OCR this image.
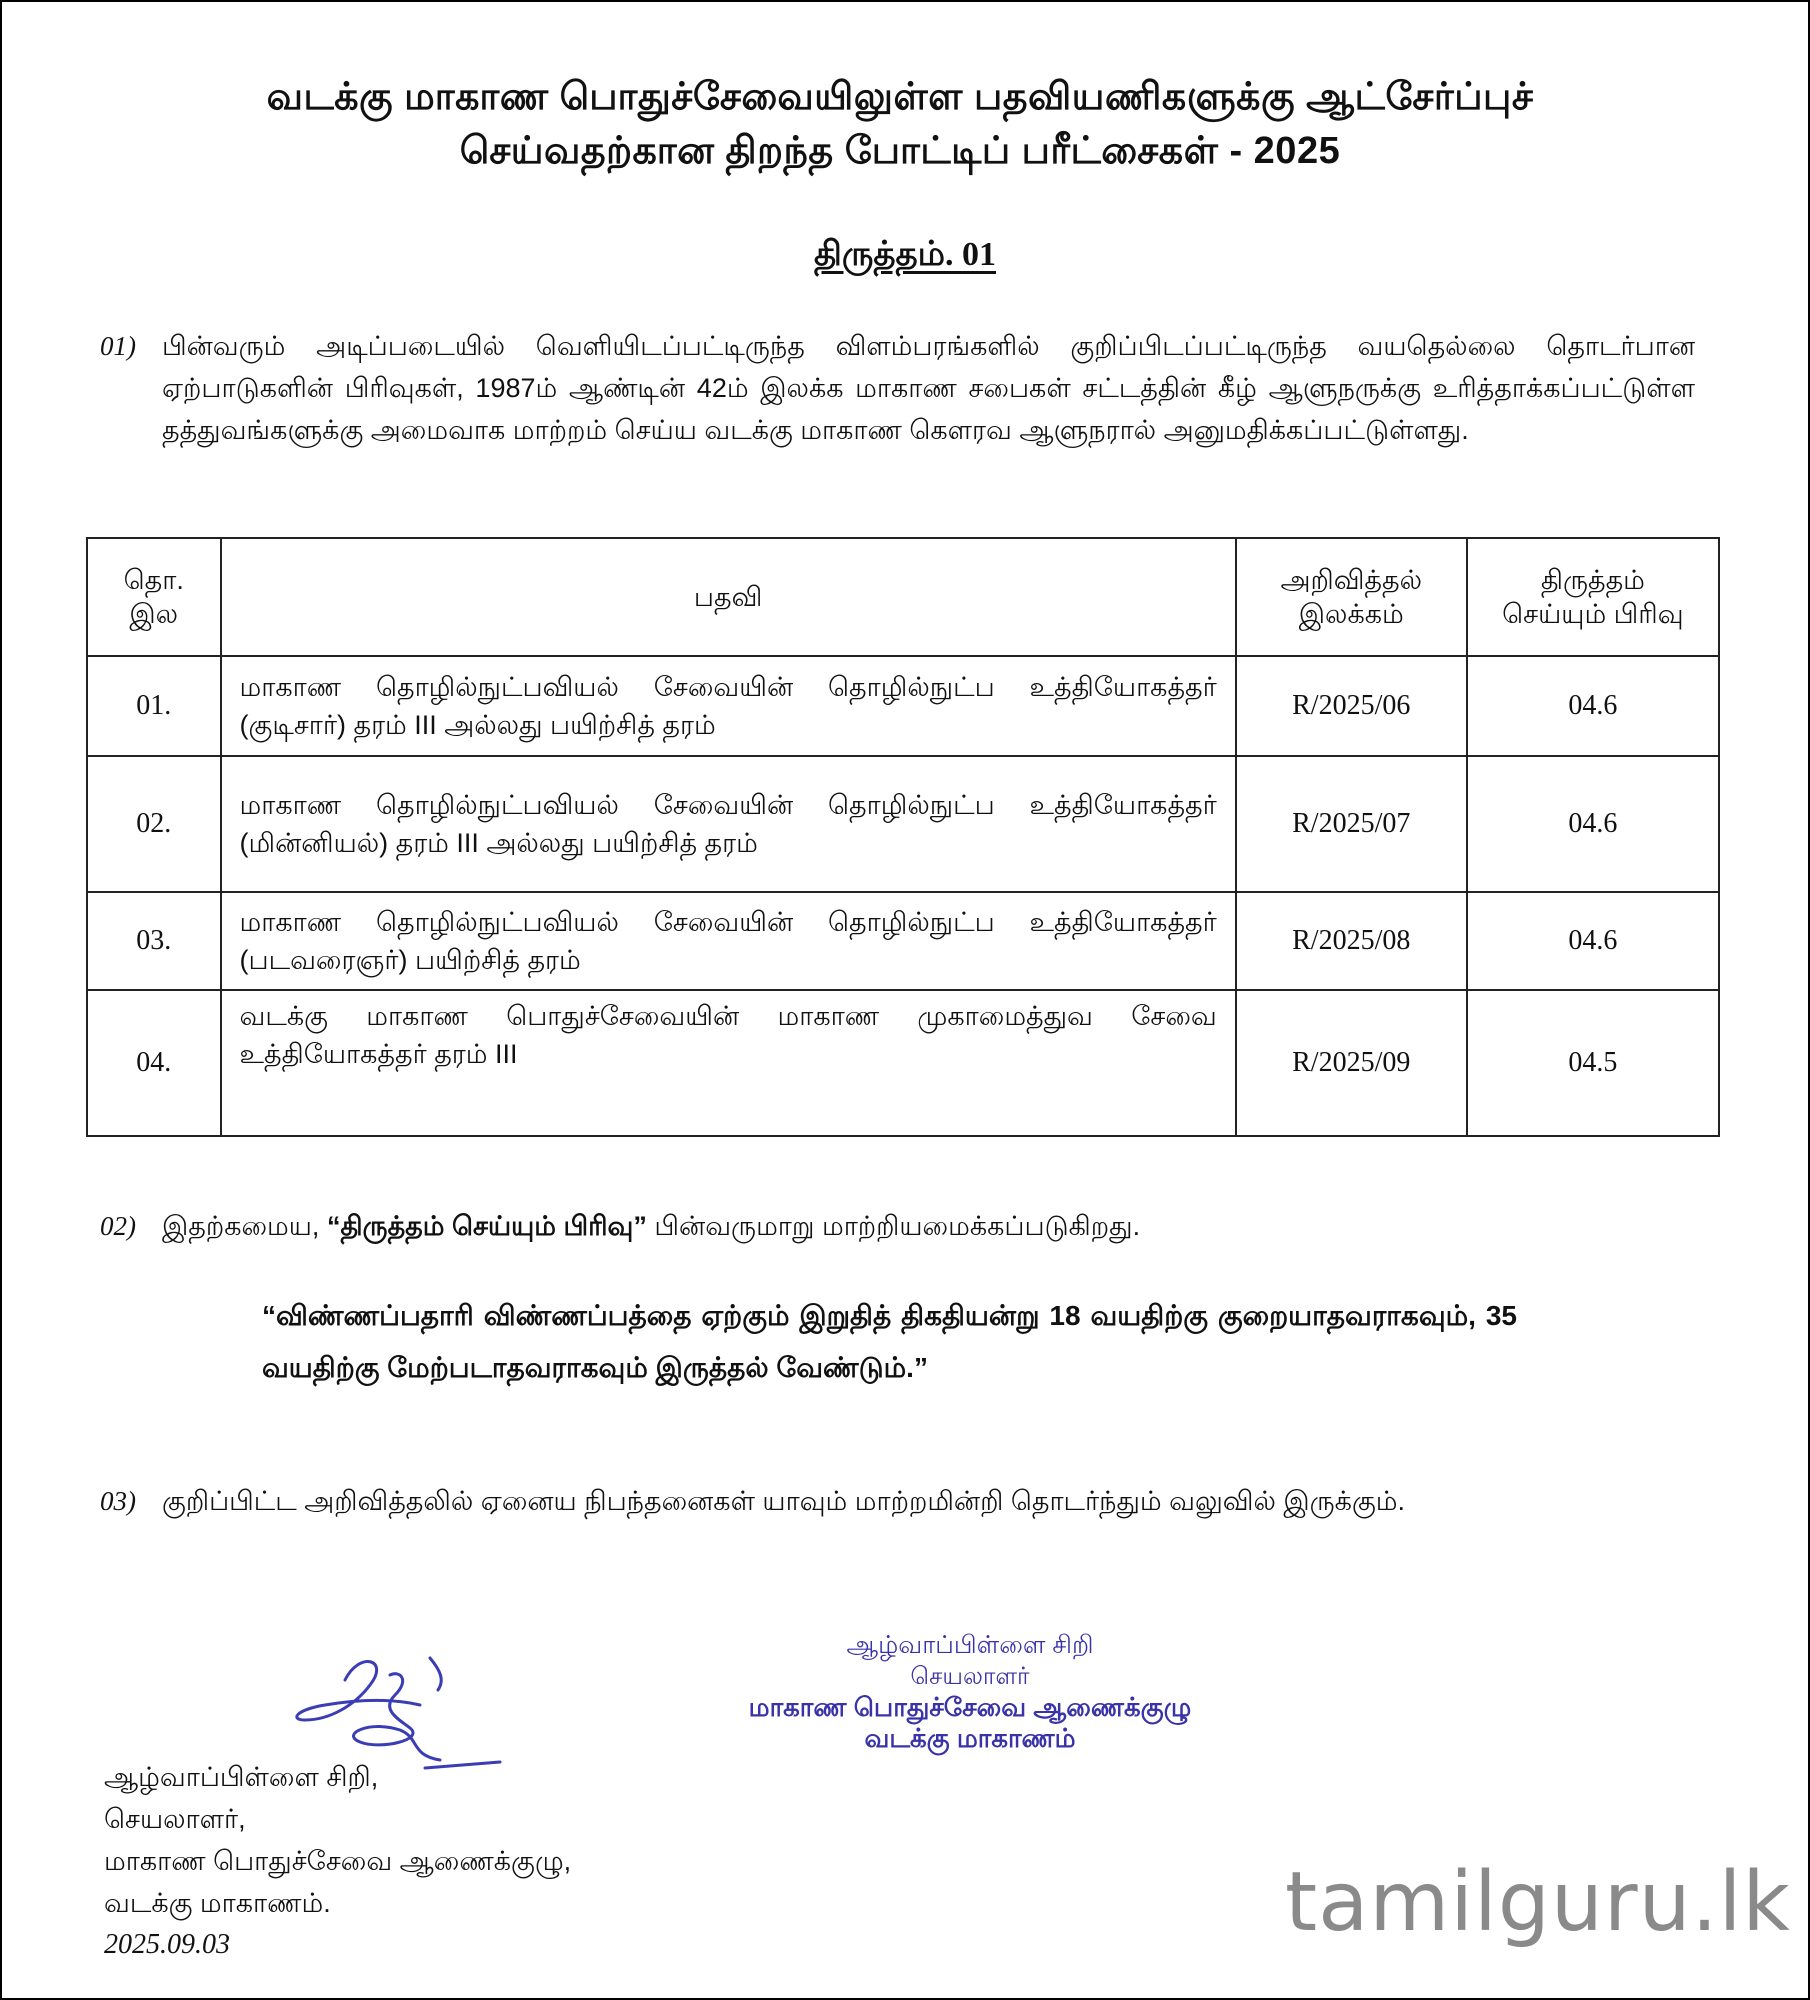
வடக்கு மாகாண பொதுச்சேவையிலுள்ள பதவியணிகளுக்கு ஆட்சேர்ப்புச்
செய்வதற்கான திறந்த போட்டிப் பரீட்சைகள் - 2025
திருத்தம். 01
01) பின்வரும் அடிப்படையில் வெளியிடப்பட்டிருந்த விளம்பரங்களில் குறிப்பிடப்பட்டிருந்த வயதெல்லை தொடர்பான ஏற்பாடுகளின் பிரிவுகள், 1987ம் ஆண்டின் 42ம் இலக்க மாகாண சபைகள் சட்டத்தின் கீழ் ஆளுநருக்கு உரித்தாக்கப்பட்டுள்ள தத்துவங்களுக்கு அமைவாக மாற்றம் செய்ய வடக்கு மாகாண கௌரவ ஆளுநரால் அனுமதிக்கப்பட்டுள்ளது.
தொ. இல	பதவி	அறிவித்தல் இலக்கம்	திருத்தம் செய்யும் பிரிவு
01.	மாகாண தொழில்நுட்பவியல் சேவையின் தொழில்நுட்ப உத்தியோகத்தர் (குடிசார்) தரம் III அல்லது பயிற்சித் தரம்	R/2025/06	04.6
02.	மாகாண தொழில்நுட்பவியல் சேவையின் தொழில்நுட்ப உத்தியோகத்தர் (மின்னியல்) தரம் III அல்லது பயிற்சித் தரம்	R/2025/07	04.6
03.	மாகாண தொழில்நுட்பவியல் சேவையின் தொழில்நுட்ப உத்தியோகத்தர் (படவரைஞர்) பயிற்சித் தரம்	R/2025/08	04.6
04.	வடக்கு மாகாண பொதுச்சேவையின் மாகாண முகாமைத்துவ சேவை உத்தியோகத்தர் தரம் III	R/2025/09	04.5
02) இதற்கமைய, “திருத்தம் செய்யும் பிரிவு” பின்வருமாறு மாற்றியமைக்கப்படுகிறது.
“விண்ணப்பதாரி விண்ணப்பத்தை ஏற்கும் இறுதித் திகதியன்று 18 வயதிற்கு குறையாதவராகவும், 35 வயதிற்கு மேற்படாதவராகவும் இருத்தல் வேண்டும்.”
03) குறிப்பிட்ட அறிவித்தலில் ஏனைய நிபந்தனைகள் யாவும் மாற்றமின்றி தொடர்ந்தும் வலுவில் இருக்கும்.
ஆழ்வாப்பிள்ளை சிறி,
செயலாளர்,
மாகாண பொதுச்சேவை ஆணைக்குழு,
வடக்கு மாகாணம்.
2025.09.03
ஆழ்வாப்பிள்ளை சிறி
செயலாளர்
மாகாண பொதுச்சேவை ஆணைக்குழு
வடக்கு மாகாணம்
tamilguru.lk
